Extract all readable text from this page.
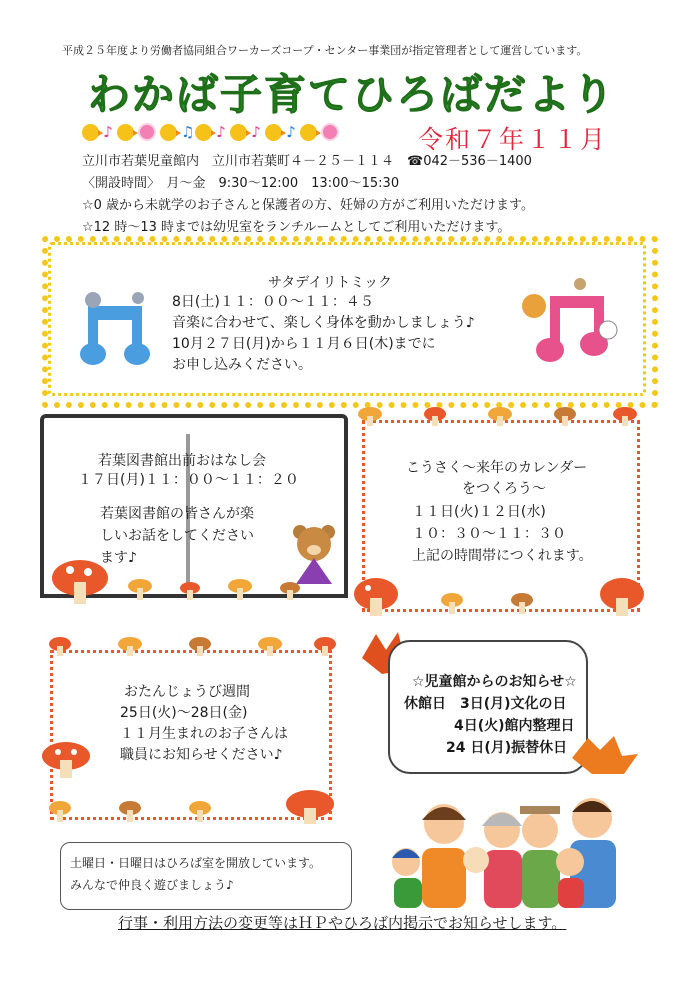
平成２５年度より労働者協同組合ワーカーズコープ・センター事業団が指定管理者として運営しています。
わかば子育てひろばだより
♪	♫ ♪ ♪ ♪	令和７年１１月
立川市若葉児童館内　立川市若葉町４－２５－１１４　☎042－536－1400
〈開設時間〉　月～金　9:30～12:00　13:00～15:30
☆0 歳から未就学のお子さんと保護者の方、妊婦の方がご利用いただけます。
☆12 時～13 時までは幼児室をランチルームとしてご利用いただけます。
サタデイリトミック
8日(土)１１：００～１１：４５
音楽に合わせて、楽しく身体を動かしましょう♪
10月２７日(月)から１１月６日(木)までに
お申し込みください。
若葉図書館出前おはなし会
１７日(月)１１：００～１１：２０
若葉図書館の皆さんが楽
しいお話をしてください
ます♪
こうさく～来年のカレンダー
をつくろう～
１１日(火)１２日(水)
１０：３０～１１：３０
上記の時間帯につくれます。
おたんじょうび週間
25日(火)～28日(金)
１１月生まれのお子さんは
職員にお知らせください♪
☆児童館からのお知らせ☆
休館日　3日(月)文化の日
4日(火)館内整理日
24 日(月)振替休日
土曜日・日曜日はひろば室を開放しています。
みんなで仲良く遊びましょう♪
行事・利用方法の変更等はＨＰやひろば内掲示でお知らせします。
